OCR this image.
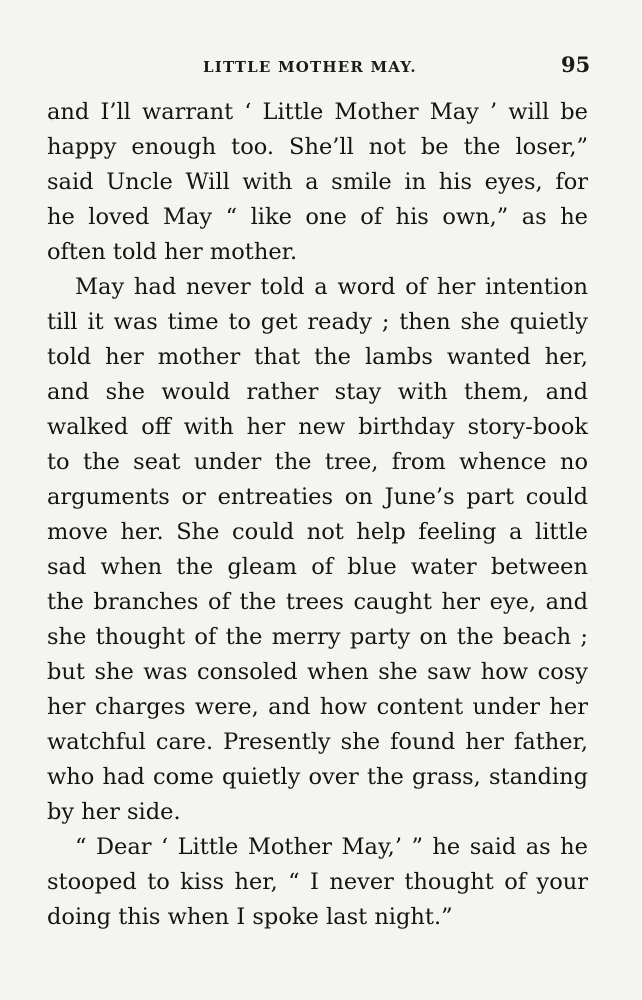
LITTLE MOTHER MAY.	95
and I’ll warrant ‘ Little Mother May ’ will be
happy enough too. She’ll not be the loser,”
said Uncle Will with a smile in his eyes, for
he loved May “ like one of his own,” as he
often told her mother.
May had never told a word of her intention
till it was time to get ready ; then she quietly
told her mother that the lambs wanted her,
and she would rather stay with them, and
walked off with her new birthday story-book
to the seat under the tree, from whence no
arguments or entreaties on June’s part could
move her. She could not help feeling a little
sad when the gleam of blue water between
the branches of the trees caught her eye, and
she thought of the merry party on the beach ;
but she was consoled when she saw how cosy
her charges were, and how content under her
watchful care. Presently she found her father,
who had come quietly over the grass, standing
by her side.
“ Dear ‘ Little Mother May,’ ” he said as he
stooped to kiss her, “ I never thought of your
doing this when I spoke last night.”
